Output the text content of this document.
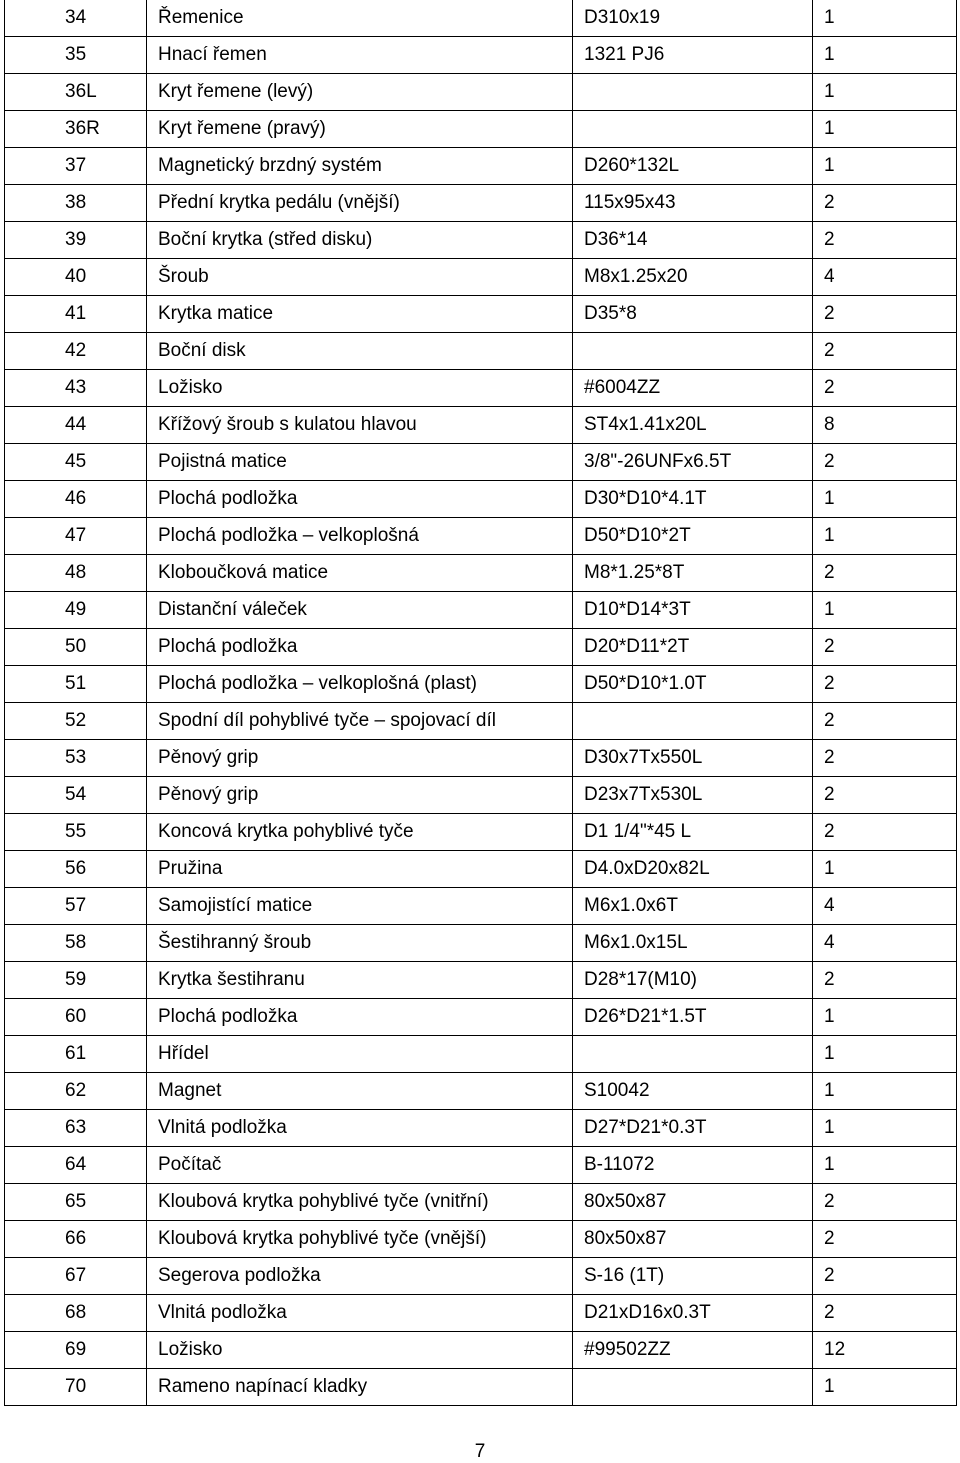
34	Řemenice	D310x19	1
35	Hnací řemen	1321 PJ6	1
36L	Kryt řemene (levý)		1
36R	Kryt řemene (pravý)		1
37	Magnetický brzdný systém	D260*132L	1
38	Přední krytka pedálu (vnější)	115x95x43	2
39	Boční krytka (střed disku)	D36*14	2
40	Šroub	M8x1.25x20	4
41	Krytka matice	D35*8	2
42	Boční disk		2
43	Ložisko	#6004ZZ	2
44	Křížový šroub s kulatou hlavou	ST4x1.41x20L	8
45	Pojistná matice	3/8"-26UNFx6.5T	2
46	Plochá podložka	D30*D10*4.1T	1
47	Plochá podložka – velkoplošná	D50*D10*2T	1
48	Kloboučková matice	M8*1.25*8T	2
49	Distanční váleček	D10*D14*3T	1
50	Plochá podložka	D20*D11*2T	2
51	Plochá podložka – velkoplošná (plast)	D50*D10*1.0T	2
52	Spodní díl pohyblivé tyče – spojovací díl		2
53	Pěnový grip	D30x7Tx550L	2
54	Pěnový grip	D23x7Tx530L	2
55	Koncová krytka pohyblivé tyče	D1 1/4"*45 L	2
56	Pružina	D4.0xD20x82L	1
57	Samojistící matice	M6x1.0x6T	4
58	Šestihranný šroub	M6x1.0x15L	4
59	Krytka šestihranu	D28*17(M10)	2
60	Plochá podložka	D26*D21*1.5T	1
61	Hřídel		1
62	Magnet	S10042	1
63	Vlnitá podložka	D27*D21*0.3T	1
64	Počítač	B-11072	1
65	Kloubová krytka pohyblivé tyče (vnitřní)	80x50x87	2
66	Kloubová krytka pohyblivé tyče (vnější)	80x50x87	2
67	Segerova podložka	S-16 (1T)	2
68	Vlnitá podložka	D21xD16x0.3T	2
69	Ložisko	#99502ZZ	12
70	Rameno napínací kladky		1
7
